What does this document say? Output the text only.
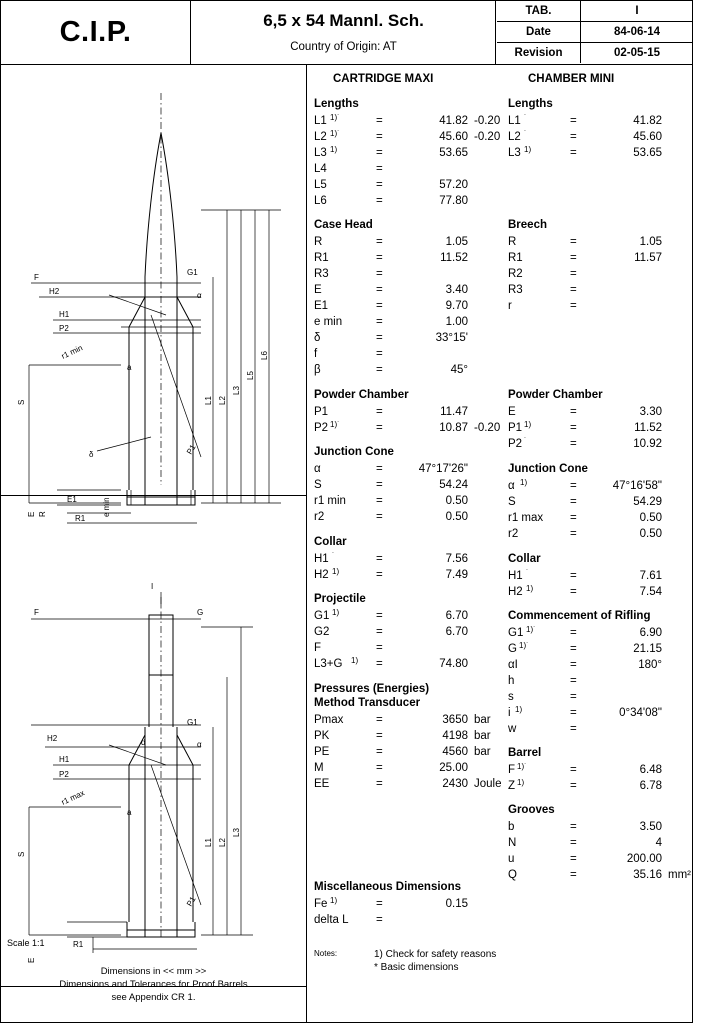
C.I.P.	6,5 x 54 Mannl. Sch.
Country of Origin: AT
TAB.	I
Date	84-06-14
Revision	02-05-15
F
H2
H1
P2
r1 min
S
E1
R1
E R	e min
L1 L2
L3
L5
L6
G1
P1
a
α
δ
I
G
F
G1
H2
H1
P2
r1 max
S
R1
E
L1 L2
L3
P1
a
α
d
Scale 1:1
Dimensions in << mm >>
Dimensions and Tolerances for Proof Barrels
see Appendix CR 1.
CARTRIDGE MAXI	CHAMBER MINI
Lengths
L1 1)˙	=	41.82 -0.20
L2 1)˙	=	45.60 -0.20
L3 1)	=	53.65
L4	=
L5	=	57.20
L6	=	77.80
Case Head
R	=	1.05
R1	=	11.52
R3	=
E	=	3.40
E1	=	9.70
e min	=	1.00
δ	=	33°15'
f	=
β	=	45°
Powder Chamber
P1	=	11.47
P2 1)˙	=	10.87 -0.20
Junction Cone
α	=	47°17'26"
S	=	54.24
r1 min	=	0.50
r2	=	0.50
Collar
H1 ˙	=	7.56
H2 1)	=	7.49
Projectile
G1 1)	=	6.70
G2	=	6.70
F	=
L3+G 1) =	74.80
Pressures (Energies)
Method Transducer
Pmax	=	3650 bar
PK	=	4198 bar
PE	=	4560 bar
M	=	25.00
EE	=	2430 Joule
Miscellaneous Dimensions
Fe 1)	=	0.15
delta L =
Lengths
L1 ˙	=	41.82
L2 ˙	=	45.60
L3 1)	=	53.65
Breech
R	=	1.05
R1	=	11.57
R2	=
R3	=
r	=
Powder Chamber
E	=	3.30
P1 1)	=	11.52
P2 ˙	=	10.92
Junction Cone
α 1)	=	47°16'58"
S	=	54.29
r1 max =	0.50
r2	=	0.50
Collar
H1 ˙	=	7.61
H2 1)	=	7.54
Commencement of Rifling
G1 1)˙	=	6.90
G 1)˙	=	21.15
αI	=	180°
h	=
s	=
i 1)	=	0°34'08"
w	=
Barrel
F 1)˙	=	6.48
Z 1)	=	6.78
Grooves
b	=	3.50
N	=	4
u	=	200.00
Q	=	35.16 mm²
Notes:	1) Check for safety reasons
* Basic dimensions
